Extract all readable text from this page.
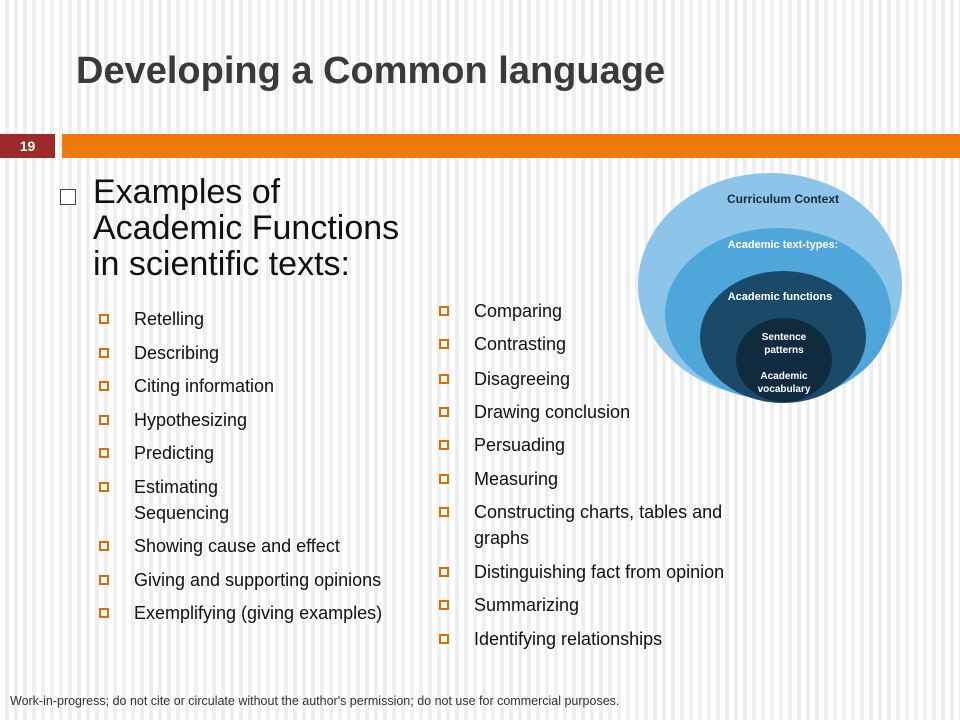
Developing a Common language
19
Examples of
Academic Functions
in scientific texts:
Retelling
Describing
Citing information
Hypothesizing
Predicting
Estimating
Sequencing
Showing cause and effect
Giving and supporting opinions
Exemplifying (giving examples)
Comparing
Contrasting
Disagreeing
Drawing conclusion
Persuading
Measuring
Constructing charts, tables and
graphs
Distinguishing fact from opinion
Summarizing
Identifying relationships
Curriculum Context
Academic text-types:
Academic functions
Sentence
patterns
Academic
vocabulary
Work-in-progress; do not cite or circulate without the author's permission; do not use for commercial purposes.
